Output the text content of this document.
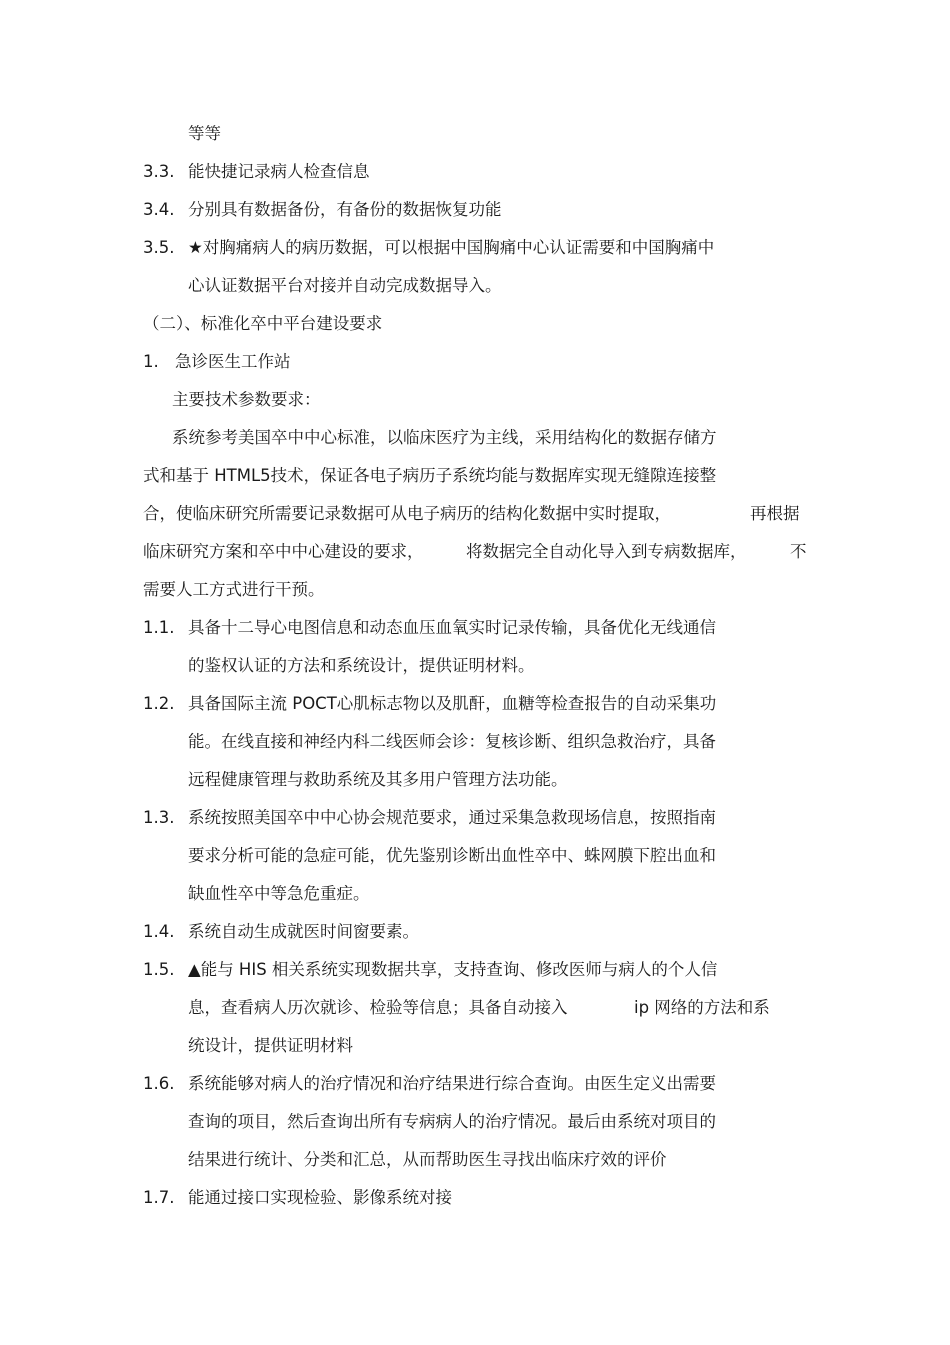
等等
3.3. 能快捷记录病人检查信息
3.4. 分别具有数据备份，有备份的数据恢复功能
3.5. ★对胸痛病人的病历数据，可以根据中国胸痛中心认证需要和中国胸痛中
心认证数据平台对接并自动完成数据导入。
（二）、标准化卒中平台建设要求
1. 急诊医生工作站
主要技术参数要求：
系统参考美国卒中中心标准，以临床医疗为主线，采用结构化的数据存储方
式和基于 HTML5技术，保证各电子病历子系统均能与数据库实现无缝隙连接整
合，使临床研究所需要记录数据可从电子病历的结构化数据中实时提取，	再根据
临床研究方案和卒中中心建设的要求，	将数据完全自动化导入到专病数据库，	不
需要人工方式进行干预。
1.1. 具备十二导心电图信息和动态血压血氧实时记录传输，具备优化无线通信
的鉴权认证的方法和系统设计，提供证明材料。
1.2. 具备国际主流 POCT心肌标志物以及肌酐，血糖等检查报告的自动采集功
能。在线直接和神经内科二线医师会诊：复核诊断、组织急救治疗，具备
远程健康管理与救助系统及其多用户管理方法功能。
1.3. 系统按照美国卒中中心协会规范要求，通过采集急救现场信息，按照指南
要求分析可能的急症可能，优先鉴别诊断出血性卒中、蛛网膜下腔出血和
缺血性卒中等急危重症。
1.4. 系统自动生成就医时间窗要素。
1.5. ▲能与 HIS 相关系统实现数据共享，支持查询、修改医师与病人的个人信
息，查看病人历次就诊、检验等信息；具备自动接入	ip 网络的方法和系
统设计，提供证明材料
1.6. 系统能够对病人的治疗情况和治疗结果进行综合查询。由医生定义出需要
查询的项目，然后查询出所有专病病人的治疗情况。最后由系统对项目的
结果进行统计、分类和汇总，从而帮助医生寻找出临床疗效的评价
1.7. 能通过接口实现检验、影像系统对接
